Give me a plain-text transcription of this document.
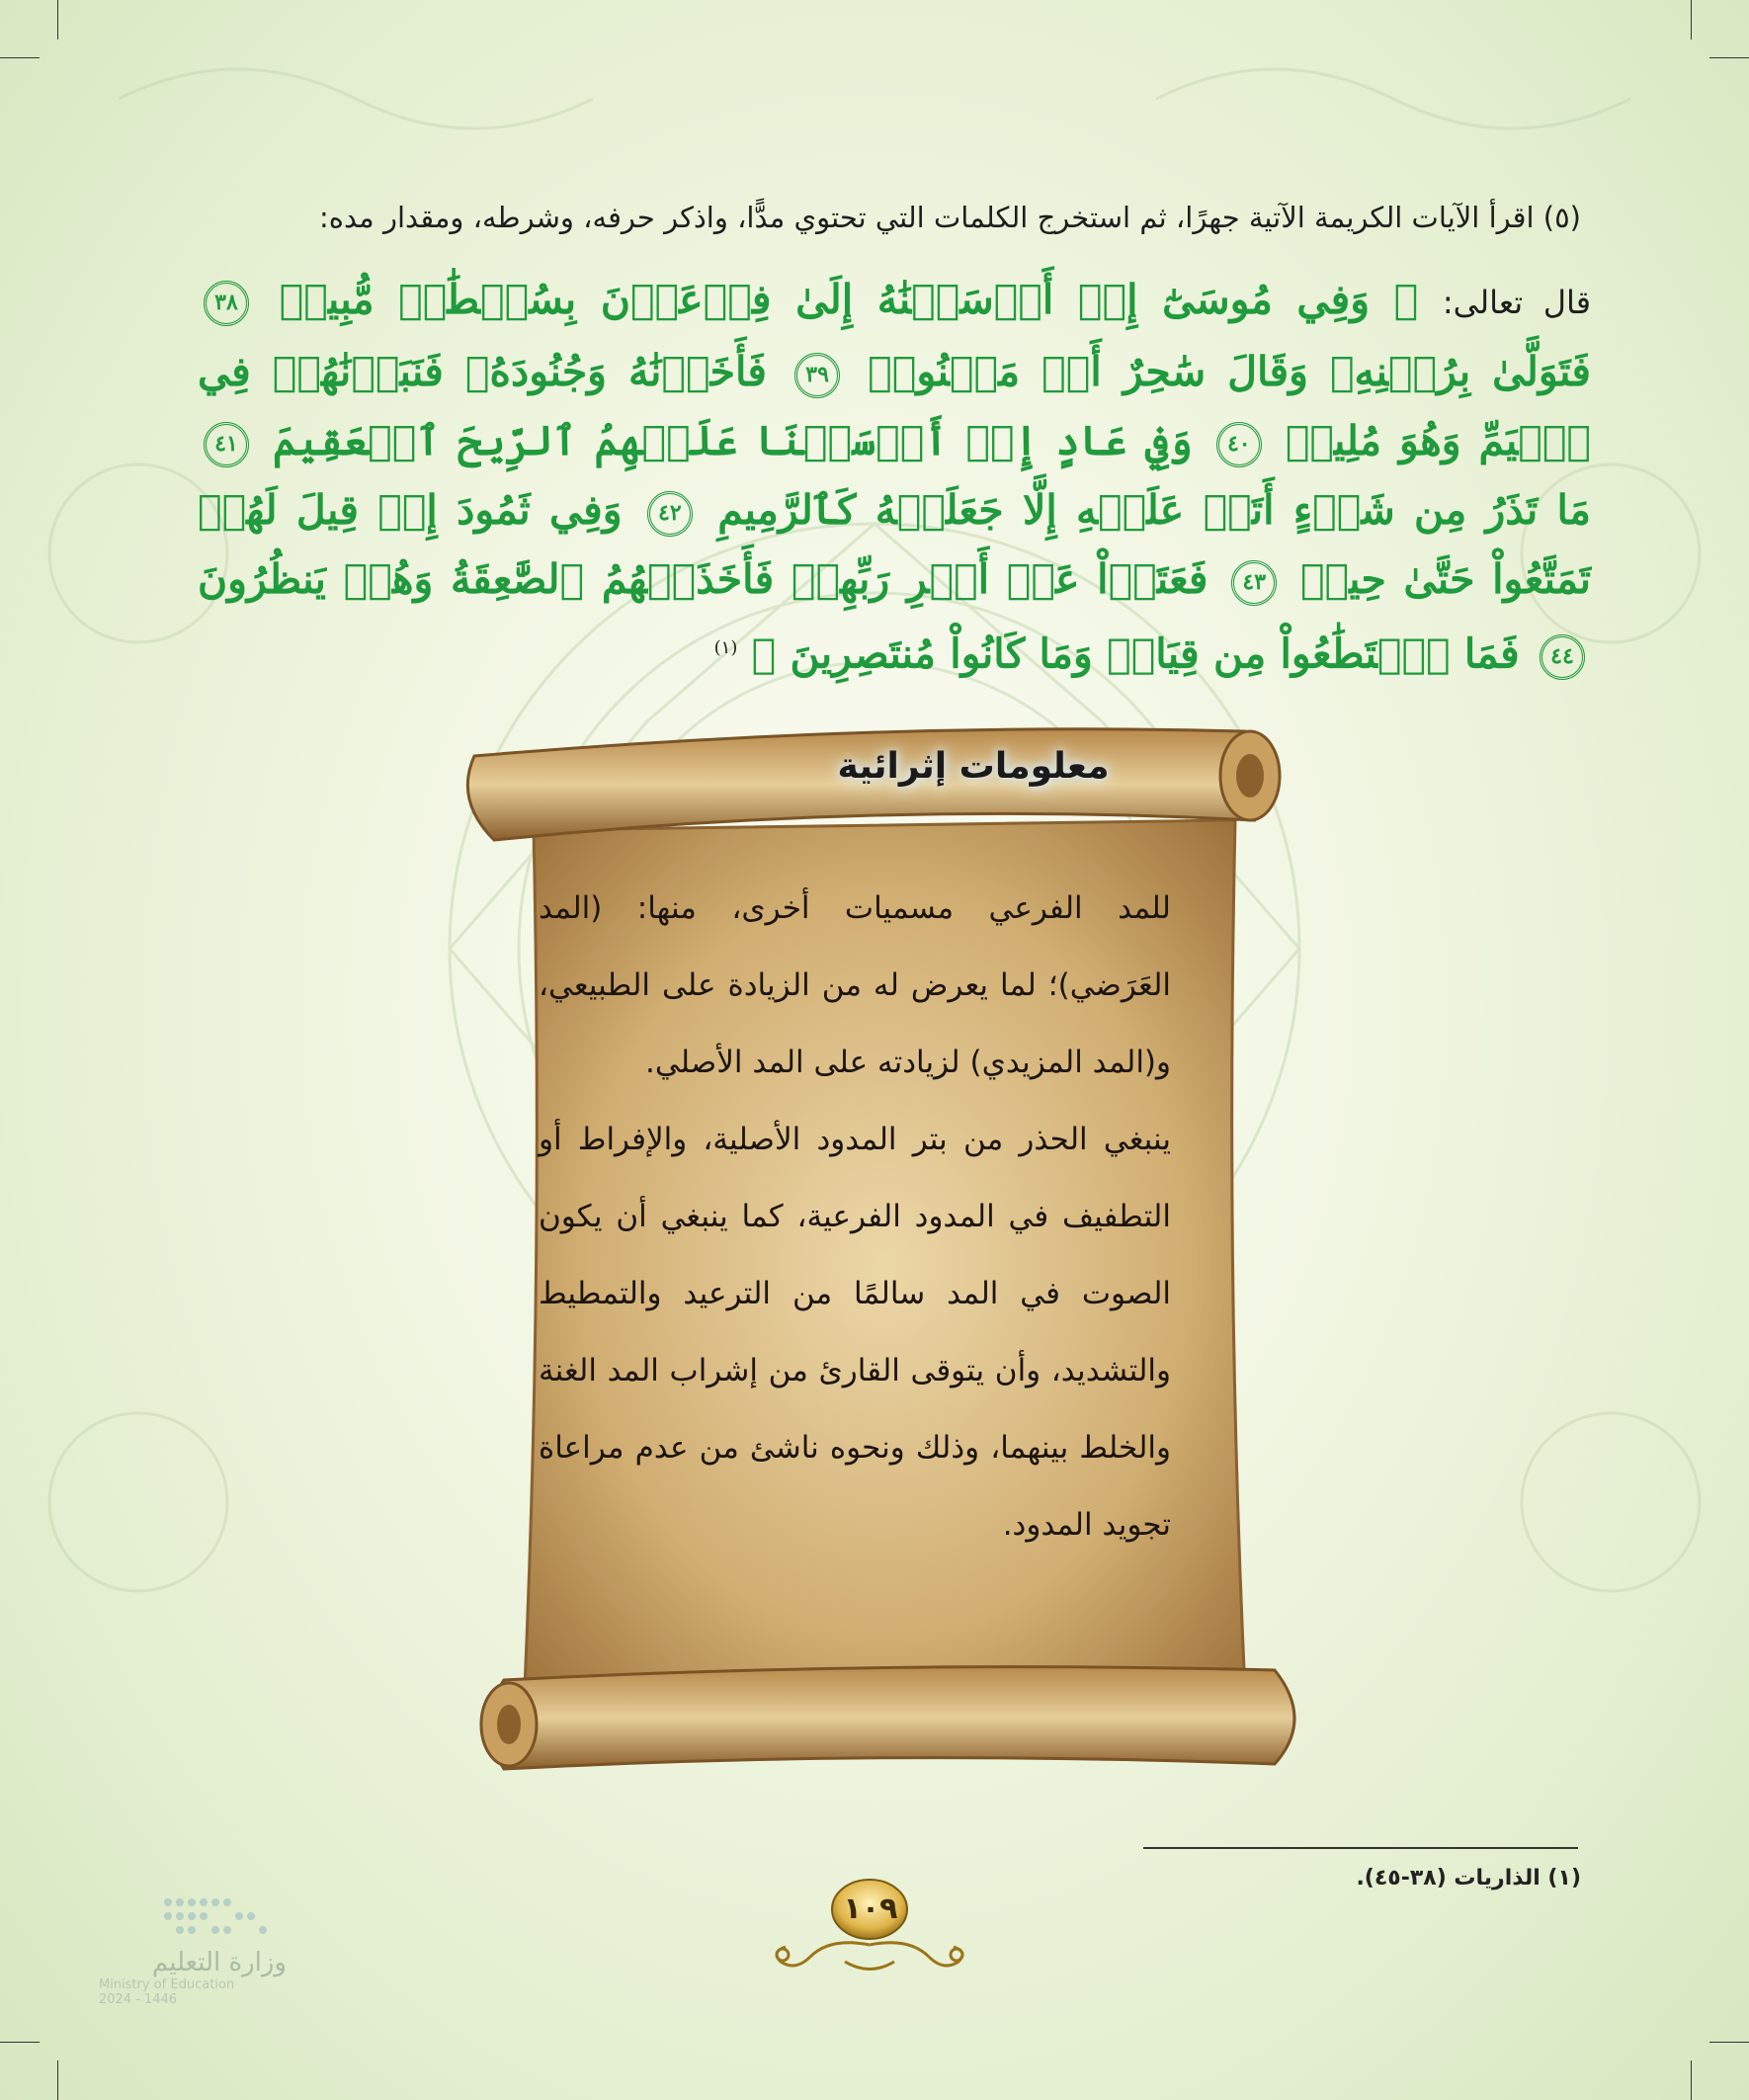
(٥) اقرأ الآيات الكريمة الآتية جهرًا، ثم استخرج الكلمات التي تحتوي مدًّا، واذكر حرفه، وشرطه، ومقدار مده:
قال تعالى: ﴿ وَفِي مُوسَىٰٓ إِذۡ أَرۡسَلۡنَٰهُ إِلَىٰ فِرۡعَوۡنَ بِسُلۡطَٰنٖ مُّبِينٖ ٣٨ فَتَوَلَّىٰ بِرُكۡنِهِۦ وَقَالَ سَٰحِرٌ أَوۡ مَجۡنُونٞ ٣٩ فَأَخَذۡنَٰهُ وَجُنُودَهُۥ فَنَبَذۡنَٰهُمۡ فِي ٱلۡيَمِّ وَهُوَ مُلِيمٞ ٤٠ وَفِي عَادٍ إِذۡ أَرۡسَلۡنَا عَلَيۡهِمُ ٱلرِّيحَ ٱلۡعَقِيمَ ٤١ مَا تَذَرُ مِن شَيۡءٍ أَتَتۡ عَلَيۡهِ إِلَّا جَعَلَتۡهُ كَٱلرَّمِيمِ ٤٢ وَفِي ثَمُودَ إِذۡ قِيلَ لَهُمۡ تَمَتَّعُواْ حَتَّىٰ حِينٖ ٤٣ فَعَتَوۡاْ عَنۡ أَمۡرِ رَبِّهِمۡ فَأَخَذَتۡهُمُ ٱلصَّٰعِقَةُ وَهُمۡ يَنظُرُونَ ٤٤ فَمَا ٱسۡتَطَٰعُواْ مِن قِيَامٖ وَمَا كَانُواْ مُنتَصِرِينَ ﴾ $^{(١)}$
معلومات إثرائية

للمد الفرعي مسميات أخرى، منها: (المد العَرَضي)؛ لما يعرض له من الزيادة على الطبيعي، و(المد المزيدي) لزيادته على المد الأصلي.

ينبغي الحذر من بتر المدود الأصلية، والإفراط أو التطفيف في المدود الفرعية، كما ينبغي أن يكون الصوت في المد سالمًا من الترعيد والتمطيط والتشديد، وأن يتوقى القارئ من إشراب المد الغنة والخلط بينهما، وذلك ونحوه ناشئ من عدم مراعاة تجويد المدود.

(١) الذاريات (٣٨-٤٥).
١٠٩
وزارة التعليم
Ministry of Education
2024 - 1446
